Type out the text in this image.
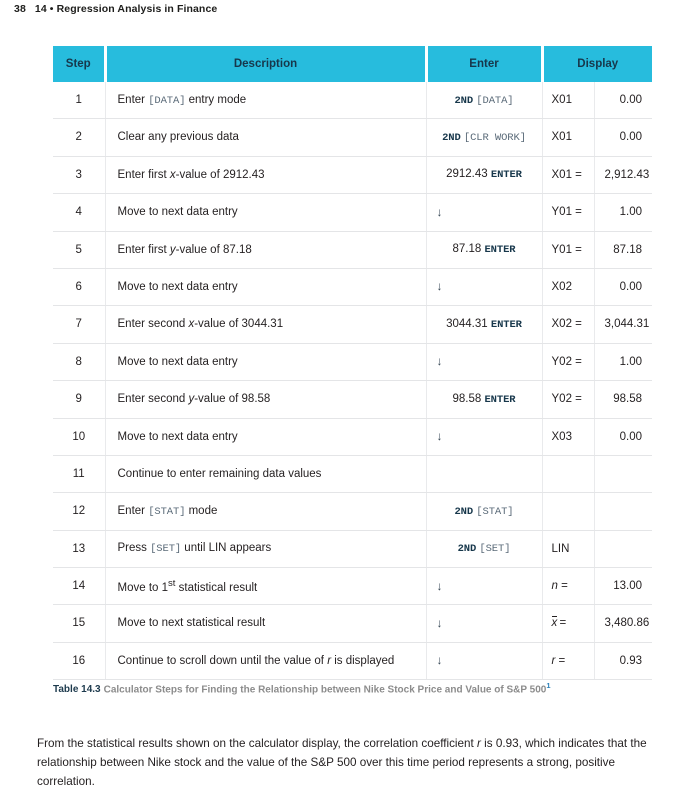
38 14 • Regression Analysis in Finance
Step	Description	Enter	Display	
1	Enter [DATA] entry mode	2ND [DATA]	X01	0.00
2	Clear any previous data	2ND [CLR WORK]	X01	0.00
3	Enter first x-value of 2912.43	2912.43 ENTER	X01 =	2,912.43
4	Move to next data entry	↓	Y01 =	1.00
5	Enter first y-value of 87.18	87.18 ENTER	Y01 =	87.18
6	Move to next data entry	↓	X02	0.00
7	Enter second x-value of 3044.31	3044.31 ENTER	X02 =	3,044.31
8	Move to next data entry	↓	Y02 =	1.00
9	Enter second y-value of 98.58	98.58 ENTER	Y02 =	98.58
10	Move to next data entry	↓	X03	0.00
11	Continue to enter remaining data values			
12	Enter [STAT] mode	2ND [STAT]		
13	Press [SET] until LIN appears	2ND [SET]	LIN	
14	Move to 1st statistical result	↓	n =	13.00
15	Move to next statistical result	↓	x =	3,480.86
16	Continue to scroll down until the value of r is displayed	↓	r =	0.93
Table 14.3 Calculator Steps for Finding the Relationship between Nike Stock Price and Value of S&P 500$^1$

From the statistical results shown on the calculator display, the correlation coefficient r is 0.93, which indicates that the relationship between Nike stock and the value of the S&P 500 over this time period represents a strong, positive correlation.
